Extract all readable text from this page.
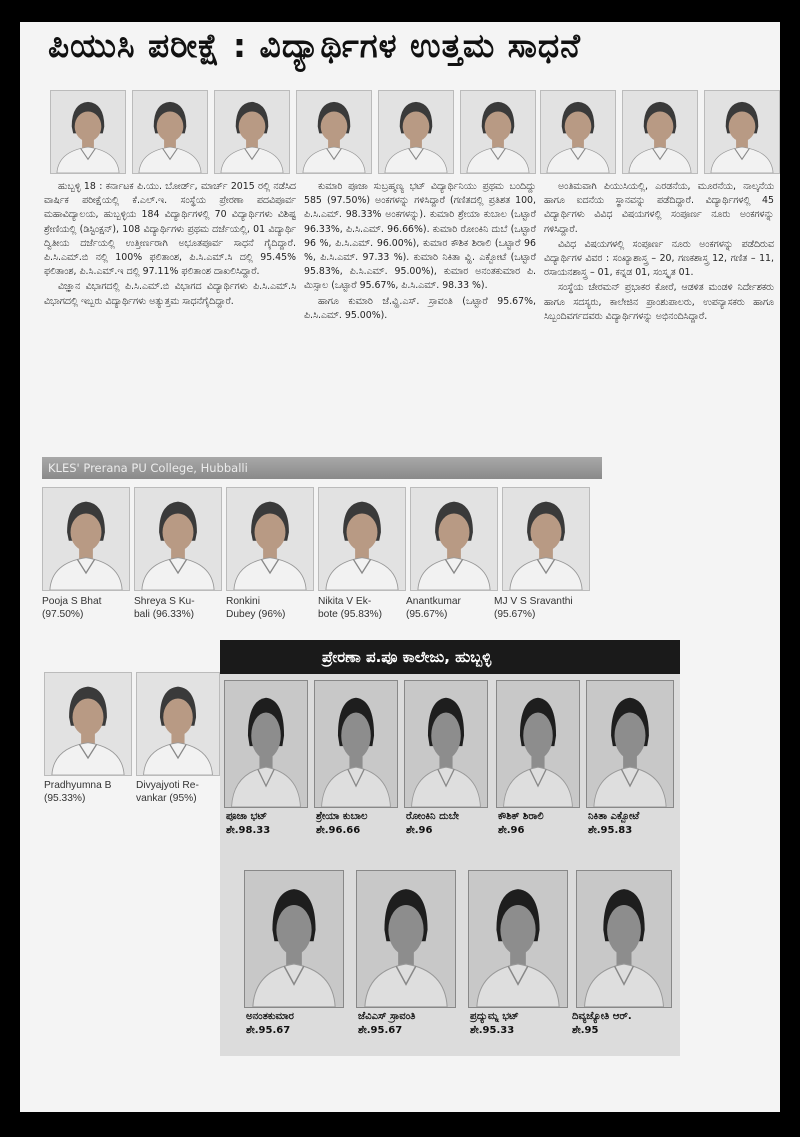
ಪಿಯುಸಿ ಪರೀಕ್ಷೆ : ವಿದ್ಯಾರ್ಥಿಗಳ ಉತ್ತಮ ಸಾಧನೆ

ಹುಬ್ಬಳ್ಳಿ 18 : ಕರ್ನಾಟಕ ಪಿ.ಯು. ಬೋರ್ಡ್, ಮಾರ್ಚ್ 2015 ರಲ್ಲಿ ನಡೆಸಿದ ವಾರ್ಷಿಕ ಪರೀಕ್ಷೆಯಲ್ಲಿ ಕೆ.ಎಲ್.ಇ. ಸಂಸ್ಥೆಯ ಪ್ರೇರಣಾ ಪದವಿಪೂರ್ವ ಮಹಾವಿದ್ಯಾಲಯ, ಹುಬ್ಬಳ್ಳಿಯ 184 ವಿದ್ಯಾರ್ಥಿಗಳಲ್ಲಿ 70 ವಿದ್ಯಾರ್ಥಿಗಳು ವಿಶಿಷ್ಟ ಶ್ರೇಣಿಯಲ್ಲಿ (ಡಿಸ್ಟಿಂಕ್ಷನ್), 108 ವಿದ್ಯಾರ್ಥಿಗಳು ಪ್ರಥಮ ದರ್ಜೆಯಲ್ಲಿ, 01 ವಿದ್ಯಾರ್ಥಿ ದ್ವಿತೀಯ ದರ್ಜೆಯಲ್ಲಿ ಉತ್ತೀರ್ಣರಾಗಿ ಅಭೂತಪೂರ್ವ ಸಾಧನೆ ಗೈದಿದ್ದಾರೆ. ಪಿ.ಸಿ.ಎಮ್.ಬಿ ನಲ್ಲಿ 100% ಫಲಿತಾಂಶ, ಪಿ.ಸಿ.ಎಮ್.ಸಿ ದಲ್ಲಿ 95.45% ಫಲಿತಾಂಶ, ಪಿ.ಸಿ.ಎಮ್.ಇ ದಲ್ಲಿ 97.11% ಫಲಿತಾಂಶ ದಾಖಲಿಸಿದ್ದಾರೆ.

ವಿಜ್ಞಾನ ವಿಭಾಗದಲ್ಲಿ ಪಿ.ಸಿ.ಎಮ್.ಬಿ ವಿಭಾಗದ ವಿದ್ಯಾರ್ಥಿಗಳು ಪಿ.ಸಿ.ಎಮ್.ಸಿ ವಿಭಾಗದಲ್ಲಿ ಇಬ್ಬರು ವಿದ್ಯಾರ್ಥಿಗಳು ಅತ್ಯುತ್ತಮ ಸಾಧನೆಗೈದಿದ್ದಾರೆ.

ಕುಮಾರಿ ಪೂಜಾ ಸುಬ್ರಹ್ಮಣ್ಯ ಭಟ್ ವಿದ್ಯಾರ್ಥಿನಿಯು ಪ್ರಥಮ ಬಂದಿದ್ದು 585 (97.50%) ಅಂಕಗಳನ್ನು ಗಳಿಸಿದ್ದಾರೆ (ಗಣಿತದಲ್ಲಿ ಪ್ರತಿಶತ 100, ಪಿ.ಸಿ.ಎಮ್. 98.33% ಅಂಕಗಳನ್ನು). ಕುಮಾರಿ ಶ್ರೇಯಾ ಕುಬಾಲ (ಒಟ್ಟಾರೆ 96.33%, ಪಿ.ಸಿ.ಎಮ್. 96.66%). ಕುಮಾರಿ ರೋಂಕಿನಿ ದುಬೆ (ಒಟ್ಟಾರೆ 96 %, ಪಿ.ಸಿ.ಎಮ್. 96.00%), ಕುಮಾರ ಕೌಶಿಕ ಶಿರಾಲಿ (ಒಟ್ಟಾರೆ 96 %, ಪಿ.ಸಿ.ಎಮ್. 97.33 %). ಕುಮಾರಿ ನಿಕಿತಾ ವ್ಹಿ. ಎಕ್ಬೋಟೆ (ಒಟ್ಟಾರೆ 95.83%, ಪಿ.ಸಿ.ಎಮ್. 95.00%), ಕುಮಾರ ಅನಂತಕುಮಾರ ಪಿ. ಮಿಸ್ಸಾಲ (ಒಟ್ಟಾರೆ 95.67%, ಪಿ.ಸಿ.ಎಮ್. 98.33 %).

ಹಾಗೂ ಕುಮಾರಿ ಜೆ.ವ್ಹಿ.ಎಸ್. ಸ್ರಾವಂತಿ (ಒಟ್ಟಾರೆ 95.67%, ಪಿ.ಸಿ.ಎಮ್. 95.00%).

ಅಂತಿಮವಾಗಿ ಪಿಯುಸಿಯಲ್ಲಿ, ಎರಡನೆಯ, ಮೂರನೆಯ, ನಾಲ್ಕನೆಯ ಹಾಗೂ ಐದನೆಯ ಸ್ಥಾನವನ್ನು ಪಡೆದಿದ್ದಾರೆ. ವಿದ್ಯಾರ್ಥಿಗಳಲ್ಲಿ 45 ವಿದ್ಯಾರ್ಥಿಗಳು ವಿವಿಧ ವಿಷಯಗಳಲ್ಲಿ ಸಂಪೂರ್ಣ ನೂರು ಅಂಕಗಳನ್ನು ಗಳಿಸಿದ್ದಾರೆ.

ವಿವಿಧ ವಿಷಯಗಳಲ್ಲಿ ಸಂಪೂರ್ಣ ನೂರು ಅಂಕಗಳನ್ನು ಪಡೆದಿರುವ ವಿದ್ಯಾರ್ಥಿಗಳ ವಿವರ : ಸಂಖ್ಯಾಶಾಸ್ತ್ರ – 20, ಗಣಕಶಾಸ್ತ್ರ 12, ಗಣಿತ – 11, ರಸಾಯನಶಾಸ್ತ್ರ – 01, ಕನ್ನಡ 01, ಸಂಸ್ಕೃತ 01.

ಸಂಸ್ಥೆಯ ಚೇರಮನ್ ಪ್ರಭಾಕರ ಕೋರೆ, ಆಡಳಿತ ಮಂಡಳಿ ನಿರ್ದೇಶಕರು ಹಾಗೂ ಸದಸ್ಯರು, ಕಾಲೇಜಿನ ಪ್ರಾಂಶುಪಾಲರು, ಉಪನ್ಯಾಸಕರು ಹಾಗೂ ಸಿಬ್ಬಂದಿವರ್ಗದವರು ವಿದ್ಯಾರ್ಥಿಗಳನ್ನು ಅಭಿನಂದಿಸಿದ್ದಾರೆ.

KLES' Prerana PU College, Hubballi
Pooja S Bhat
(97.50%)
Shreya S Ku-
bali (96.33%)
Ronkini
Dubey (96%)
Nikita V Ek-
bote (95.83%)
Anantkumar
(95.67%)
MJ V S Sravanthi
(95.67%)
Pradhyumna B
(95.33%)
Divyajyoti Re-
vankar (95%)
ಪ್ರೇರಣಾ ಪ.ಪೂ ಕಾಲೇಜು, ಹುಬ್ಬಳ್ಳಿ
ಪೂಜಾ ಭಟ್
ಶೇ.98.33
ಶ್ರೇಯಾ ಕುಬಾಲ
ಶೇ.96.66
ರೋಂಕಿನಿ ದುಬೇ
ಶೇ.96
ಕೌಶಿಕ್ ಶಿರಾಲಿ
ಶೇ.96
ನಿಕಿತಾ ಎಕ್ಬೋಟೆ
ಶೇ.95.83
ಅನಂತಕುಮಾರ
ಶೇ.95.67
ಜೆವಿಎಸ್ ಸ್ರಾವಂತಿ
ಶೇ.95.67
ಪ್ರದ್ಯುಮ್ನ ಭಟ್
ಶೇ.95.33
ದಿವ್ಯಜ್ಯೋತಿ ಆರ್.
ಶೇ.95
